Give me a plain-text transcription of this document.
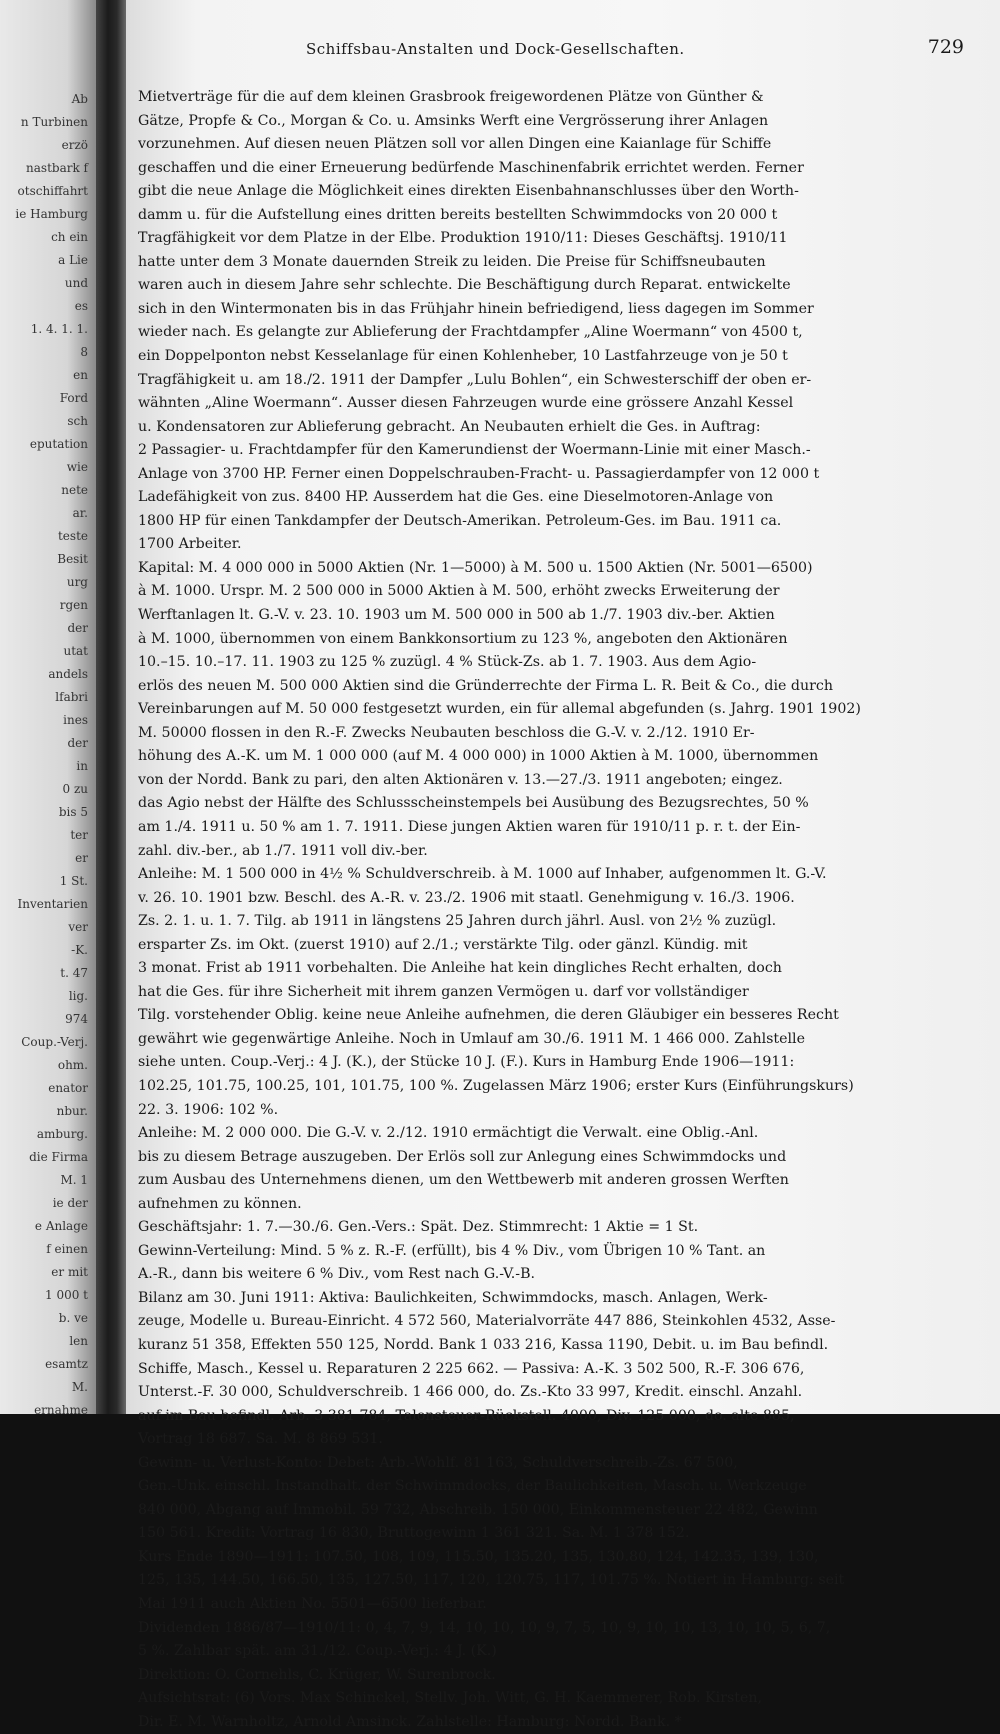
Ab
n Turbinen
erzö
nastbark f
otschiffahrt
ie Hamburg
ch ein
a Lie
und
es
1. 4. 1. 1.
8
en
Ford
sch
eputation
wie
nete
ar.
teste
Besit
urg
rgen
der
utat
andels
lfabri
ines
der
in
0 zu
bis 5
ter
er
1 St.
Inventarien
ver
-K.
t. 47
lig.
974
Coup.-Verj.
ohm.
enator
nbur.
amburg.
die Firma
M. 1
ie der
e Anlage
f einen
er mit
1 000 t
b. ve
len
esamtz
M.
ernahme
Schiffsbau-Anstalten und Dock-Gesellschaften.	729
Mietverträge für die auf dem kleinen Grasbrook freigewordenen Plätze von Günther &
Gätze, Propfe & Co., Morgan & Co. u. Amsinks Werft eine Vergrösserung ihrer Anlagen
vorzunehmen. Auf diesen neuen Plätzen soll vor allen Dingen eine Kaianlage für Schiffe
geschaffen und die einer Erneuerung bedürfende Maschinenfabrik errichtet werden. Ferner
gibt die neue Anlage die Möglichkeit eines direkten Eisenbahnanschlusses über den Worth-
damm u. für die Aufstellung eines dritten bereits bestellten Schwimmdocks von 20 000 t
Tragfähigkeit vor dem Platze in der Elbe. Produktion 1910/11: Dieses Geschäftsj. 1910/11
hatte unter dem 3 Monate dauernden Streik zu leiden. Die Preise für Schiffsneubauten
waren auch in diesem Jahre sehr schlechte. Die Beschäftigung durch Reparat. entwickelte
sich in den Wintermonaten bis in das Frühjahr hinein befriedigend, liess dagegen im Sommer
wieder nach. Es gelangte zur Ablieferung der Frachtdampfer „Aline Woermann“ von 4500 t,
ein Doppelponton nebst Kesselanlage für einen Kohlenheber, 10 Lastfahrzeuge von je 50 t
Tragfähigkeit u. am 18./2. 1911 der Dampfer „Lulu Bohlen“, ein Schwesterschiff der oben er-
wähnten „Aline Woermann“. Ausser diesen Fahrzeugen wurde eine grössere Anzahl Kessel
u. Kondensatoren zur Ablieferung gebracht. An Neubauten erhielt die Ges. in Auftrag:
2 Passagier- u. Frachtdampfer für den Kamerundienst der Woermann-Linie mit einer Masch.-
Anlage von 3700 HP. Ferner einen Doppelschrauben-Fracht- u. Passagierdampfer von 12 000 t
Ladefähigkeit von zus. 8400 HP. Ausserdem hat die Ges. eine Dieselmotoren-Anlage von
1800 HP für einen Tankdampfer der Deutsch-Amerikan. Petroleum-Ges. im Bau. 1911 ca.
1700 Arbeiter.
Kapital: M. 4 000 000 in 5000 Aktien (Nr. 1—5000) à M. 500 u. 1500 Aktien (Nr. 5001—6500)
à M. 1000. Urspr. M. 2 500 000 in 5000 Aktien à M. 500, erhöht zwecks Erweiterung der
Werftanlagen lt. G.-V. v. 23. 10. 1903 um M. 500 000 in 500 ab 1./7. 1903 div.-ber. Aktien
à M. 1000, übernommen von einem Bankkonsortium zu 123 %, angeboten den Aktionären
10.–15. 10.–17. 11. 1903 zu 125 % zuzügl. 4 % Stück-Zs. ab 1. 7. 1903. Aus dem Agio-
erlös des neuen M. 500 000 Aktien sind die Gründerrechte der Firma L. R. Beit & Co., die durch
Vereinbarungen auf M. 50 000 festgesetzt wurden, ein für allemal abgefunden (s. Jahrg. 1901 1902)
M. 50000 flossen in den R.-F. Zwecks Neubauten beschloss die G.-V. v. 2./12. 1910 Er-
höhung des A.-K. um M. 1 000 000 (auf M. 4 000 000) in 1000 Aktien à M. 1000, übernommen
von der Nordd. Bank zu pari, den alten Aktionären v. 13.—27./3. 1911 angeboten; eingez.
das Agio nebst der Hälfte des Schlussscheinstempels bei Ausübung des Bezugsrechtes, 50 %
am 1./4. 1911 u. 50 % am 1. 7. 1911. Diese jungen Aktien waren für 1910/11 p. r. t. der Ein-
zahl. div.-ber., ab 1./7. 1911 voll div.-ber.
Anleihe: M. 1 500 000 in 4½ % Schuldverschreib. à M. 1000 auf Inhaber, aufgenommen lt. G.-V.
v. 26. 10. 1901 bzw. Beschl. des A.-R. v. 23./2. 1906 mit staatl. Genehmigung v. 16./3. 1906.
Zs. 2. 1. u. 1. 7. Tilg. ab 1911 in längstens 25 Jahren durch jährl. Ausl. von 2½ % zuzügl.
ersparter Zs. im Okt. (zuerst 1910) auf 2./1.; verstärkte Tilg. oder gänzl. Kündig. mit
3 monat. Frist ab 1911 vorbehalten. Die Anleihe hat kein dingliches Recht erhalten, doch
hat die Ges. für ihre Sicherheit mit ihrem ganzen Vermögen u. darf vor vollständiger
Tilg. vorstehender Oblig. keine neue Anleihe aufnehmen, die deren Gläubiger ein besseres Recht
gewährt wie gegenwärtige Anleihe. Noch in Umlauf am 30./6. 1911 M. 1 466 000. Zahlstelle
siehe unten. Coup.-Verj.: 4 J. (K.), der Stücke 10 J. (F.). Kurs in Hamburg Ende 1906—1911:
102.25, 101.75, 100.25, 101, 101.75, 100 %. Zugelassen März 1906; erster Kurs (Einführungskurs)
22. 3. 1906: 102 %.
Anleihe: M. 2 000 000. Die G.-V. v. 2./12. 1910 ermächtigt die Verwalt. eine Oblig.-Anl.
bis zu diesem Betrage auszugeben. Der Erlös soll zur Anlegung eines Schwimmdocks und
zum Ausbau des Unternehmens dienen, um den Wettbewerb mit anderen grossen Werften
aufnehmen zu können.
Geschäftsjahr: 1. 7.—30./6. Gen.-Vers.: Spät. Dez. Stimmrecht: 1 Aktie = 1 St.
Gewinn-Verteilung: Mind. 5 % z. R.-F. (erfüllt), bis 4 % Div., vom Übrigen 10 % Tant. an
A.-R., dann bis weitere 6 % Div., vom Rest nach G.-V.-B.
Bilanz am 30. Juni 1911: Aktiva: Baulichkeiten, Schwimmdocks, masch. Anlagen, Werk-
zeuge, Modelle u. Bureau-Einricht. 4 572 560, Materialvorräte 447 886, Steinkohlen 4532, Asse-
kuranz 51 358, Effekten 550 125, Nordd. Bank 1 033 216, Kassa 1190, Debit. u. im Bau befindl.
Schiffe, Masch., Kessel u. Reparaturen 2 225 662. — Passiva: A.-K. 3 502 500, R.-F. 306 676,
Unterst.-F. 30 000, Schuldverschreib. 1 466 000, do. Zs.-Kto 33 997, Kredit. einschl. Anzahl.
auf im Bau befindl. Arb. 3 381 784, Talonsteuer-Rückstell. 4000, Div. 125 000, do. alte 885,
Vortrag 18 687. Sa. M. 8 869 531.
Gewinn- u. Verlust-Konto: Debet: Arb.-Wohlf. 81 163, Schuldverschreib.-Zs. 67 500,
Gen.-Unk. einschl. Instandhalt. der Schwimmdocks, der Baulichkeiten, Masch. u. Werkzeuge
840 000, Abgang auf Immobil. 59 732, Abschreib. 150 000, Einkommensteuer 22 482, Gewinn
150 561. Kredit: Vortrag 16 830, Bruttogewinn 1 361 321. Sa. M. 1 378 152.
Kurs Ende 1890—1911: 107.50, 108, 109, 115.50, 135.20, 135, 130.80, 124, 142.35, 139, 130,
125, 135, 144.50, 166.50, 135, 127.50, 117, 120, 120.75, 117, 101.75 %. Notiert in Hamburg: seit
Mai 1911 auch Aktien No. 5501—6500 lieferbar.
Dividenden 1886/87—1910/11: 0, 4, 7, 9, 14, 10, 10, 10, 9, 7, 5, 10, 9, 10, 10, 13, 10, 10, 5, 6, 7,
5 %. Zahlbar spät. am 31./12. Coup.-Verj.: 4 J. (K.)
Direktion: O. Cornehls, C. Krüger, W. Surenbrock.
Aufsichtsrat: (6) Vors. Max Schinckel, Stellv. Joh. Witt, G. H. Kaemmerer, Rob. Kirsten,
Dir. E. M. Warnholtz, Arnold Amsinck. Zahlstelle: Hamburg: Nordd. Bank. *
